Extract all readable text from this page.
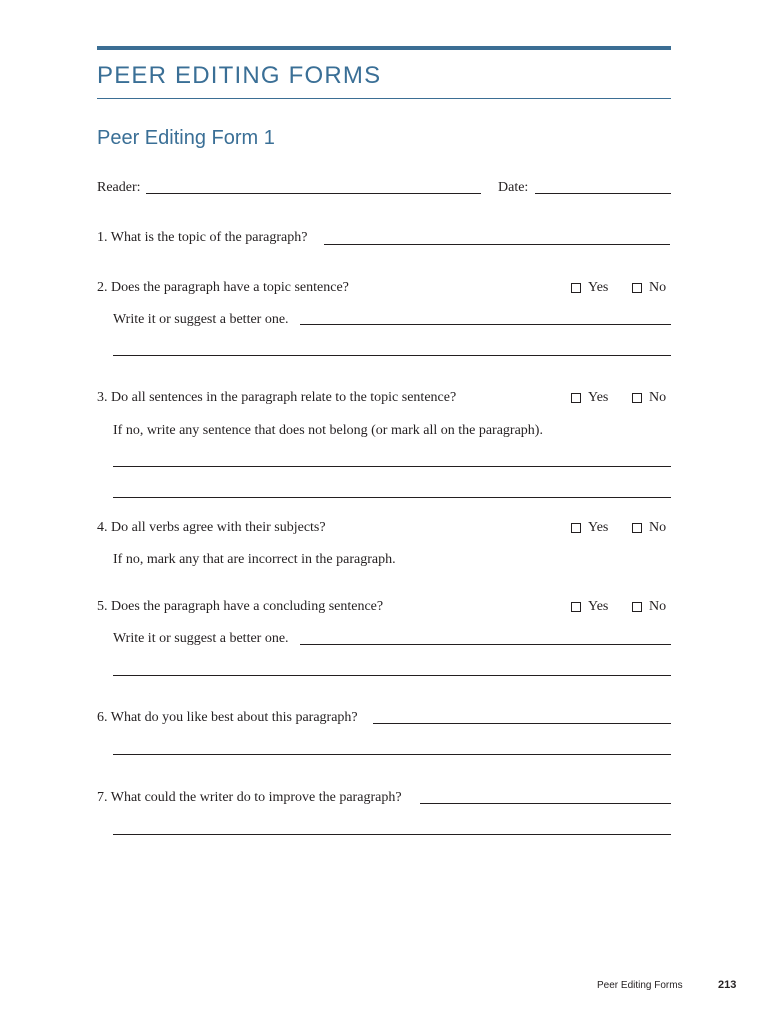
PEER EDITING FORMS
Peer Editing Form 1
Reader:	Date:
1. What is the topic of the paragraph?
2. Does the paragraph have a topic sentence?	Yes	No
Write it or suggest a better one.
3. Do all sentences in the paragraph relate to the topic sentence?	Yes	No
If no, write any sentence that does not belong (or mark all on the paragraph).
4. Do all verbs agree with their subjects?	Yes	No
If no, mark any that are incorrect in the paragraph.
5. Does the paragraph have a concluding sentence?	Yes	No
Write it or suggest a better one.
6. What do you like best about this paragraph?
7. What could the writer do to improve the paragraph?
Peer Editing Forms	213
